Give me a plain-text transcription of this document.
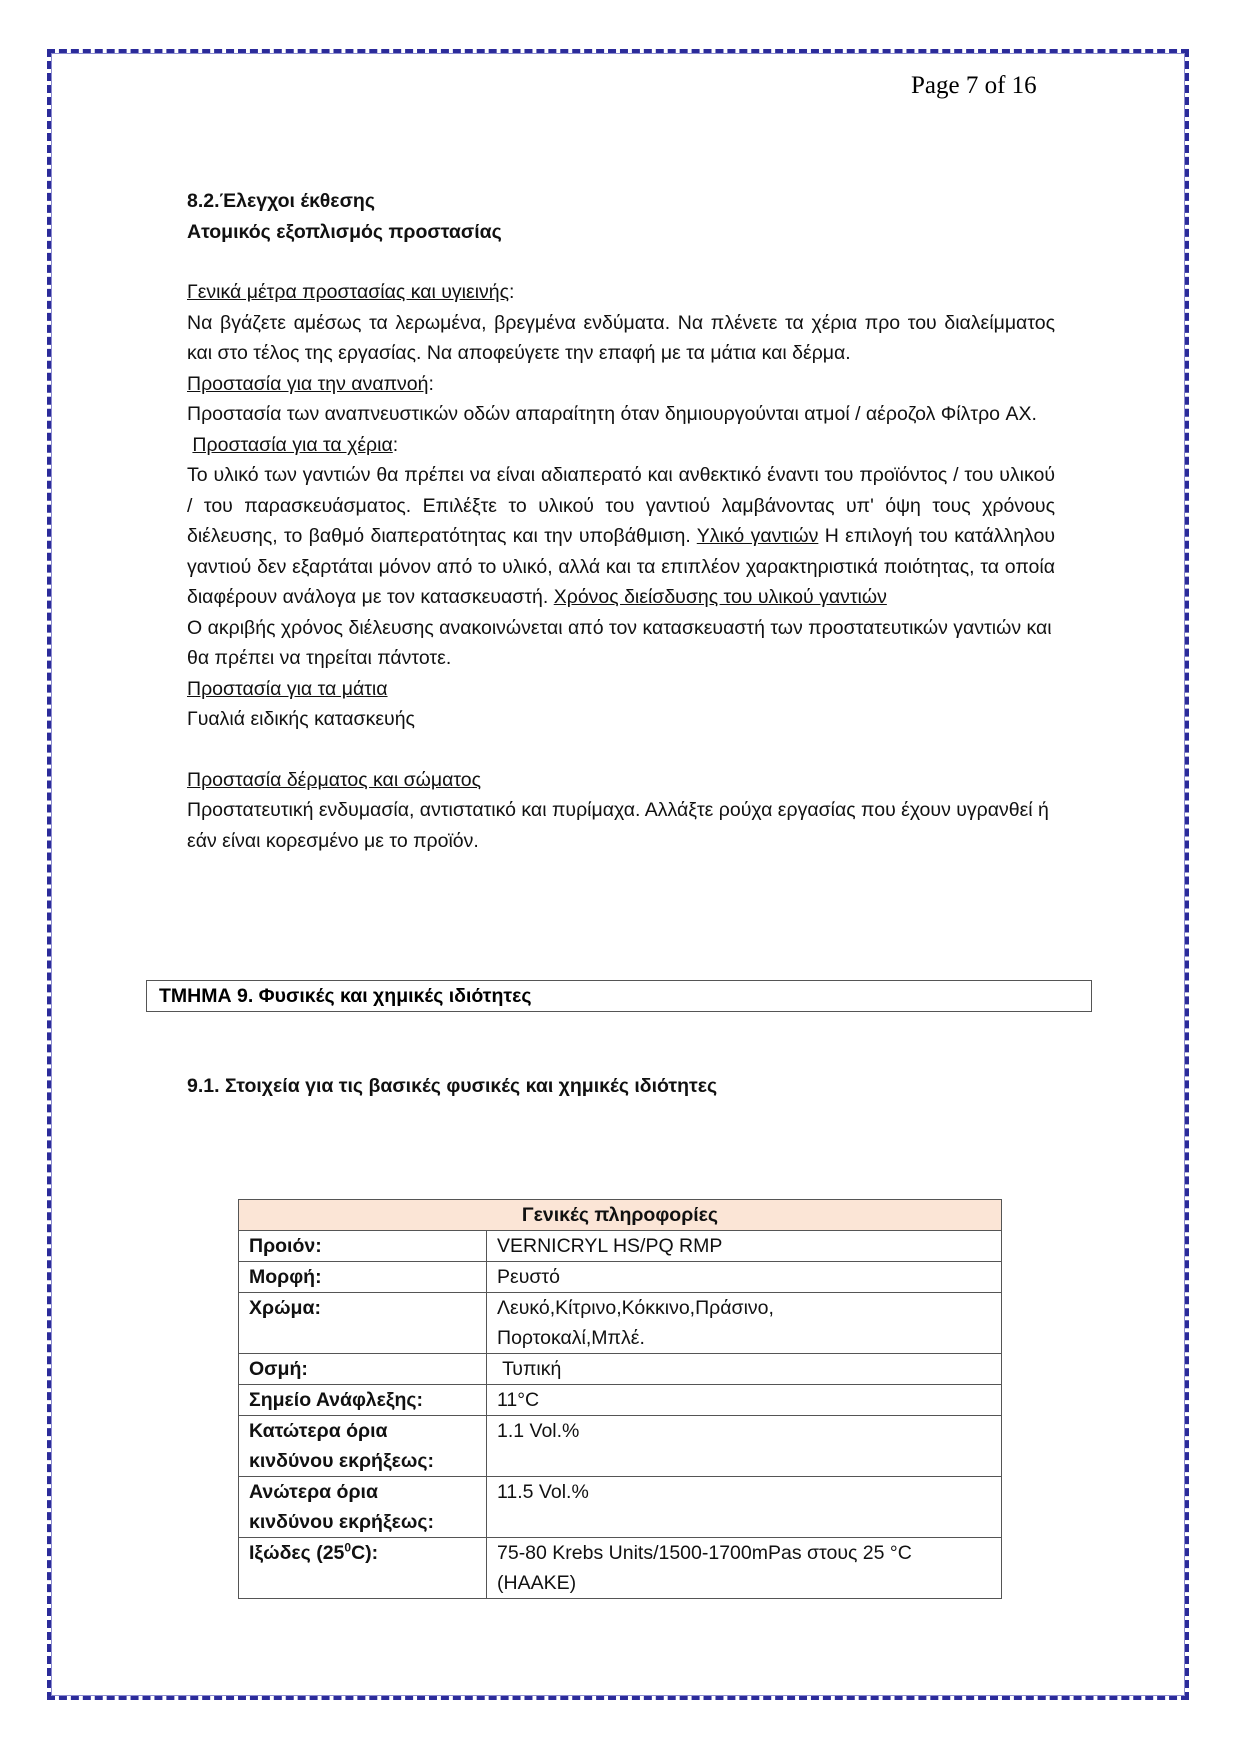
Page 7 of 16

8.2.Έλεγχοι έκθεσης

Ατομικός εξοπλισμός προστασίας

Γενικά μέτρα προστασίας και υγιεινής:

Να βγάζετε αμέσως τα λερωμένα, βρεγμένα ενδύματα. Να πλένετε τα χέρια προ του διαλείμματος και στο τέλος της εργασίας. Να αποφεύγετε την επαφή με τα μάτια και δέρμα.

Προστασία για την αναπνοή:

Προστασία των αναπνευστικών οδών απαραίτητη όταν δημιουργούνται ατμοί / αέροζολ Φίλτρο AX.

Προστασία για τα χέρια:

Το υλικό των γαντιών θα πρέπει να είναι αδιαπερατό και ανθεκτικό έναντι του προϊόντος / του υλικού / του παρασκευάσματος. Επιλέξτε το υλικού του γαντιού λαμβάνοντας υπ' όψη τους χρόνους διέλευσης, το βαθμό διαπερατότητας και την υποβάθμιση. Υλικό γαντιών Η επιλογή του κατάλληλου γαντιού δεν εξαρτάται μόνον από το υλικό, αλλά και τα επιπλέον χαρακτηριστικά ποιότητας, τα οποία διαφέρουν ανάλογα με τον κατασκευαστή. Χρόνος διείσδυσης του υλικού γαντιών

Ο ακριβής χρόνος διέλευσης ανακοινώνεται από τον κατασκευαστή των προστατευτικών γαντιών και θα πρέπει να τηρείται πάντοτε.

Προστασία για τα μάτια

Γυαλιά ειδικής κατασκευής

Προστασία δέρματος και σώματος

Προστατευτική ενδυμασία, αντιστατικό και πυρίμαχα. Αλλάξτε ρούχα εργασίας που έχουν υγρανθεί ή εάν είναι κορεσμένο με το προϊόν.

ΤΜΗΜΑ 9. Φυσικές και χημικές ιδιότητες
9.1. Στοιχεία για τις βασικές φυσικές και χημικές ιδιότητες
Γενικές πληροφορίες	
Προιόν:	VERNICRYL HS/PQ RMP
Μορφή:	Ρευστό
Χρώμα:	Λευκό,Κίτρινο,Κόκκινο,Πράσινο, Πορτοκαλί,Μπλέ.
Οσμή:	Τυπική
Σημείο Ανάφλεξης:	11°C
Κατώτερα όρια κινδύνου εκρήξεως:	1.1 Vol.%
Ανώτερα όρια κινδύνου εκρήξεως:	11.5 Vol.%
Ιξώδες $(25^0C)$:	75-80 Krebs Units/1500-1700mPas στους 25 °C (HAAKE)
